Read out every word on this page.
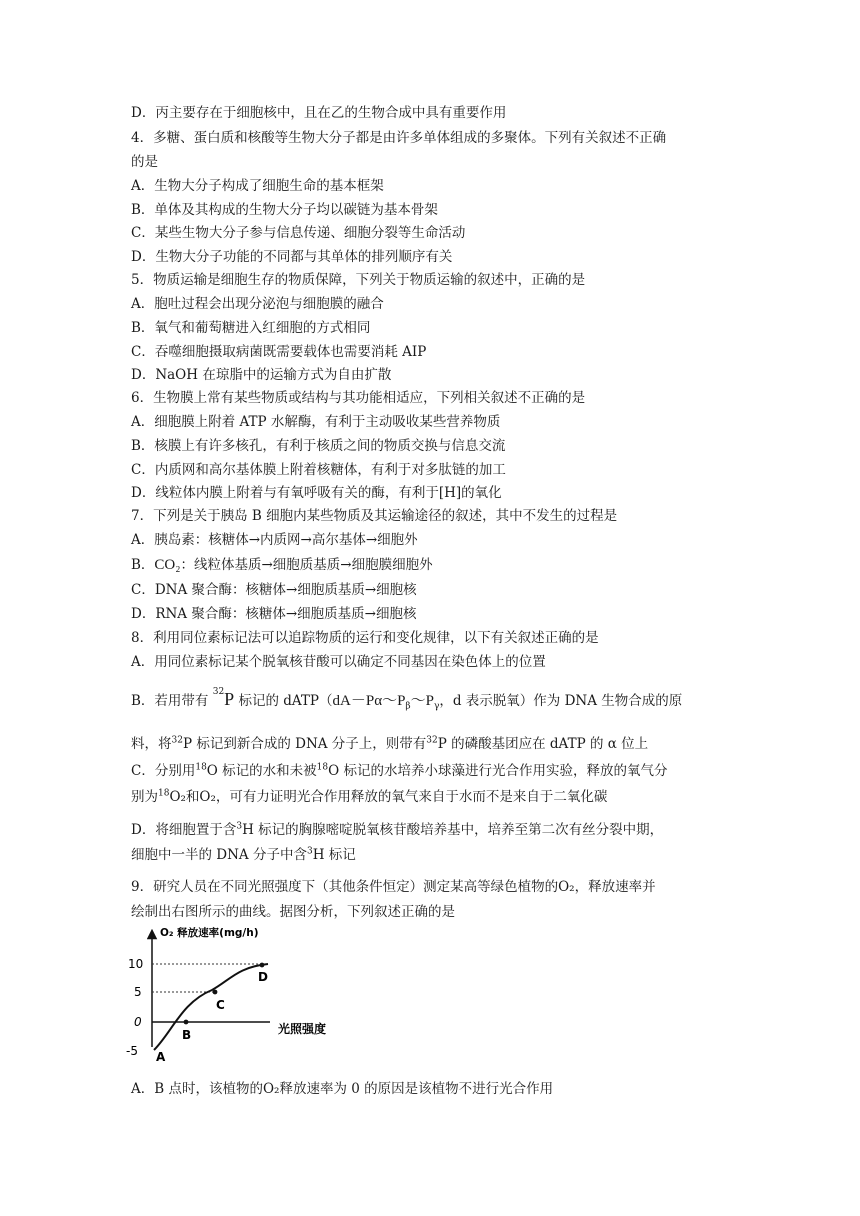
D．丙主要存在于细胞核中，且在乙的生物合成中具有重要作用
4．多糖、蛋白质和核酸等生物大分子都是由许多单体组成的多聚体。下列有关叙述不正确
的是
A．生物大分子构成了细胞生命的基本框架
B．单体及其构成的生物大分子均以碳链为基本骨架
C．某些生物大分子参与信息传递、细胞分裂等生命活动
D．生物大分子功能的不同都与其单体的排列顺序有关
5．物质运输是细胞生存的物质保障，下列关于物质运输的叙述中，正确的是
A．胞吐过程会出现分泌泡与细胞膜的融合
B．氧气和葡萄糖进入红细胞的方式相同
C．吞噬细胞摄取病菌既需要载体也需要消耗 AIP
D．NaOH 在琼脂中的运输方式为自由扩散
6．生物膜上常有某些物质或结构与其功能相适应，下列相关叙述不正确的是
A．细胞膜上附着 ATP 水解酶，有利于主动吸收某些营养物质
B．核膜上有许多核孔，有利于核质之间的物质交换与信息交流
C．内质网和高尔基体膜上附着核糖体，有利于对多肽链的加工
D．线粒体内膜上附着与有氧呼吸有关的酶，有利于[H]的氧化
7．下列是关于胰岛 B 细胞内某些物质及其运输途径的叙述，其中不发生的过程是
A．胰岛素：核糖体→内质网→高尔基体→细胞外
B．CO₂：线粒体基质→细胞质基质→细胞膜细胞外
C．DNA 聚合酶：核糖体→细胞质基质→细胞核
D．RNA 聚合酶：核糖体→细胞质基质→细胞核
8．利用同位素标记法可以追踪物质的运行和变化规律，以下有关叙述正确的是
A．用同位素标记某个脱氧核苷酸可以确定不同基因在染色体上的位置
B．若用带有 $^{32}$P 标记的 $dATP(dA-P\alpha\sim P_\beta\sim P_\gamma$，d 表示脱氧）作为 DNA 生物合成的原
料，将$^{32}$P 标记到新合成的 DNA 分子上，则带有$^{32}$P 的磷酸基团应在 dATP 的 α 位上
C．分别用$^{18}$O 标记的水和未被$^{18}$O 标记的水培养小球藻进行光合作用实验，释放的氧气分
别为$^{18}$O₂和O₂，可有力证明光合作用释放的氧气来自于水而不是来自于二氧化碳
D．将细胞置于含$^3$H 标记的胸腺嘧啶脱氧核苷酸培养基中，培养至第二次有丝分裂中期，
细胞中一半的 DNA 分子中含$^3$H 标记
9．研究人员在不同光照强度下（其他条件恒定）测定某高等绿色植物的O₂，释放速率并
绘制出右图所示的曲线。据图分析，下列叙述正确的是
O₂ 释放速率(mg/h)
光照强度
10
5
0
-5 A
B
C
D
A．B 点时，该植物的O₂释放速率为 0 的原因是该植物不进行光合作用
